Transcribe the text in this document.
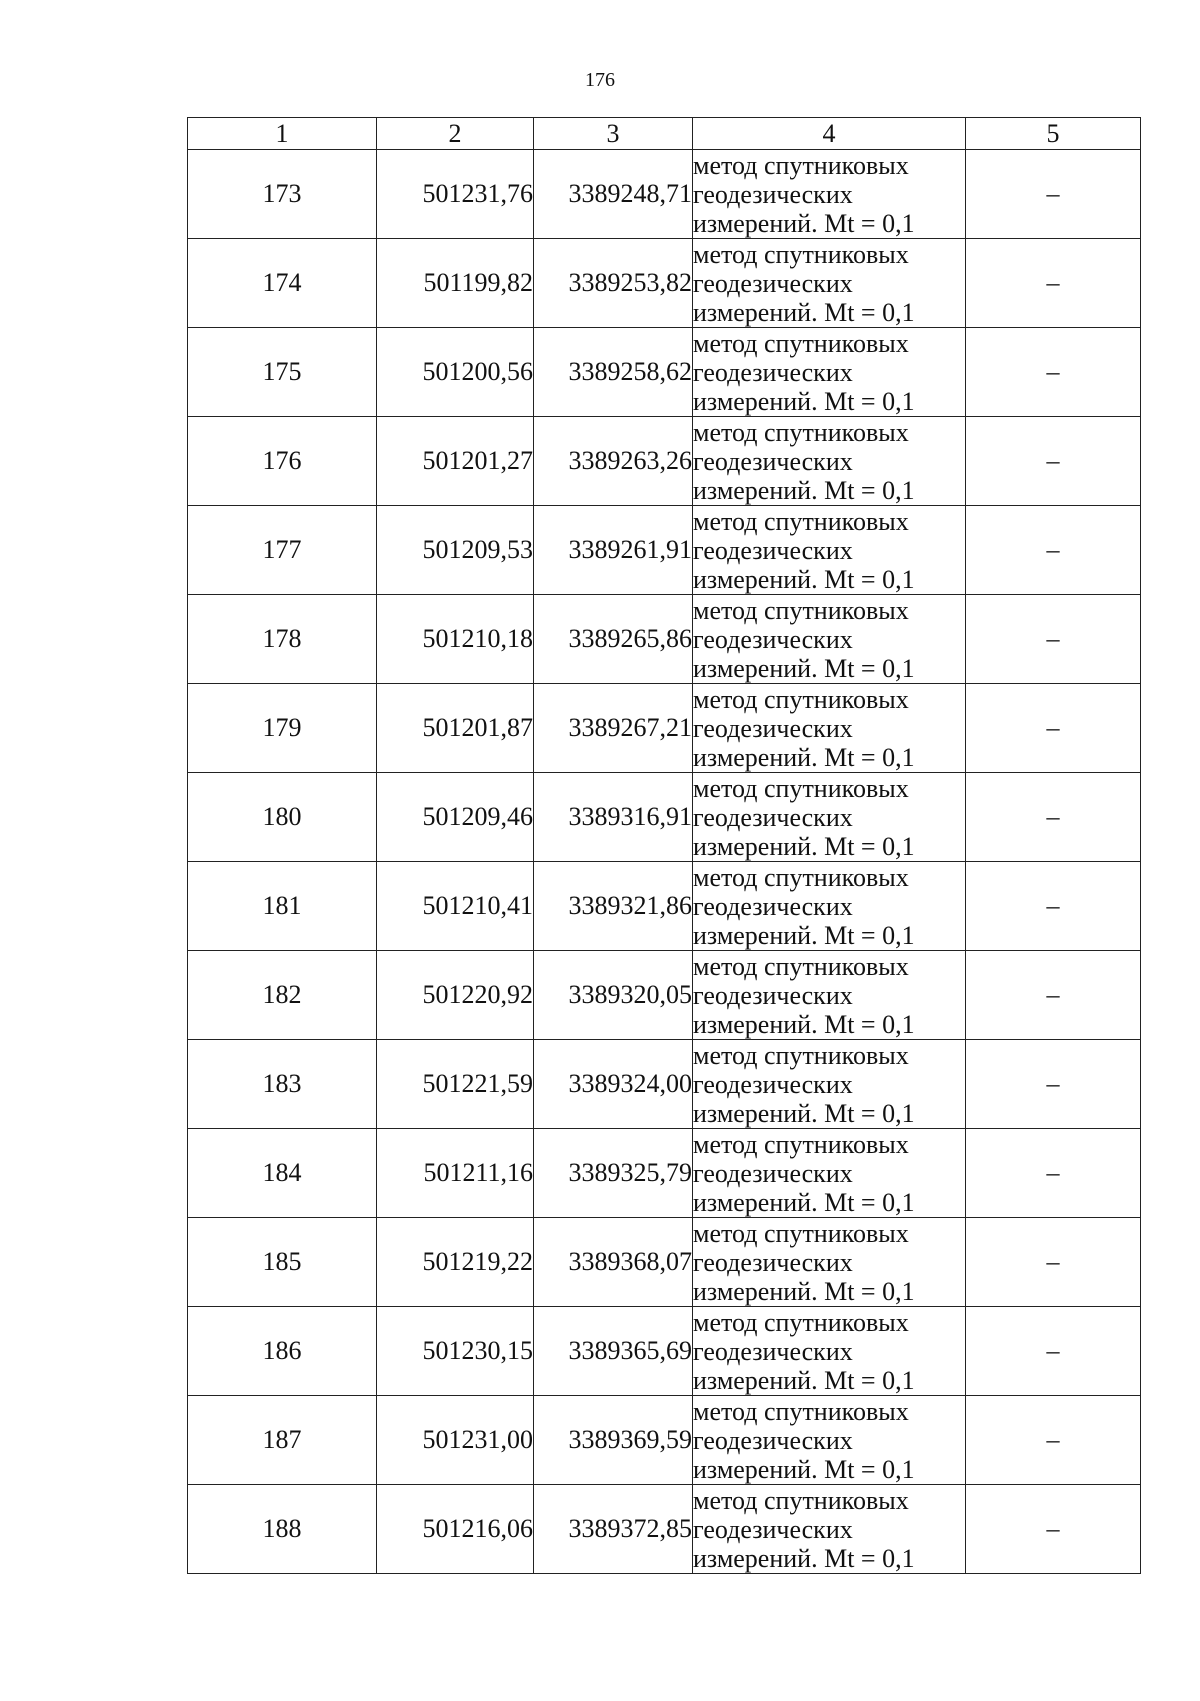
176
1	2	3	4	5
173	501231,76	3389248,71	метод спутниковых
геодезических
измерений. Mt = 0,1	–
174	501199,82	3389253,82	метод спутниковых
геодезических
измерений. Mt = 0,1	–
175	501200,56	3389258,62	метод спутниковых
геодезических
измерений. Mt = 0,1	–
176	501201,27	3389263,26	метод спутниковых
геодезических
измерений. Mt = 0,1	–
177	501209,53	3389261,91	метод спутниковых
геодезических
измерений. Mt = 0,1	–
178	501210,18	3389265,86	метод спутниковых
геодезических
измерений. Mt = 0,1	–
179	501201,87	3389267,21	метод спутниковых
геодезических
измерений. Mt = 0,1	–
180	501209,46	3389316,91	метод спутниковых
геодезических
измерений. Mt = 0,1	–
181	501210,41	3389321,86	метод спутниковых
геодезических
измерений. Mt = 0,1	–
182	501220,92	3389320,05	метод спутниковых
геодезических
измерений. Mt = 0,1	–
183	501221,59	3389324,00	метод спутниковых
геодезических
измерений. Mt = 0,1	–
184	501211,16	3389325,79	метод спутниковых
геодезических
измерений. Mt = 0,1	–
185	501219,22	3389368,07	метод спутниковых
геодезических
измерений. Mt = 0,1	–
186	501230,15	3389365,69	метод спутниковых
геодезических
измерений. Mt = 0,1	–
187	501231,00	3389369,59	метод спутниковых
геодезических
измерений. Mt = 0,1	–
188	501216,06	3389372,85	метод спутниковых
геодезических
измерений. Mt = 0,1	–
